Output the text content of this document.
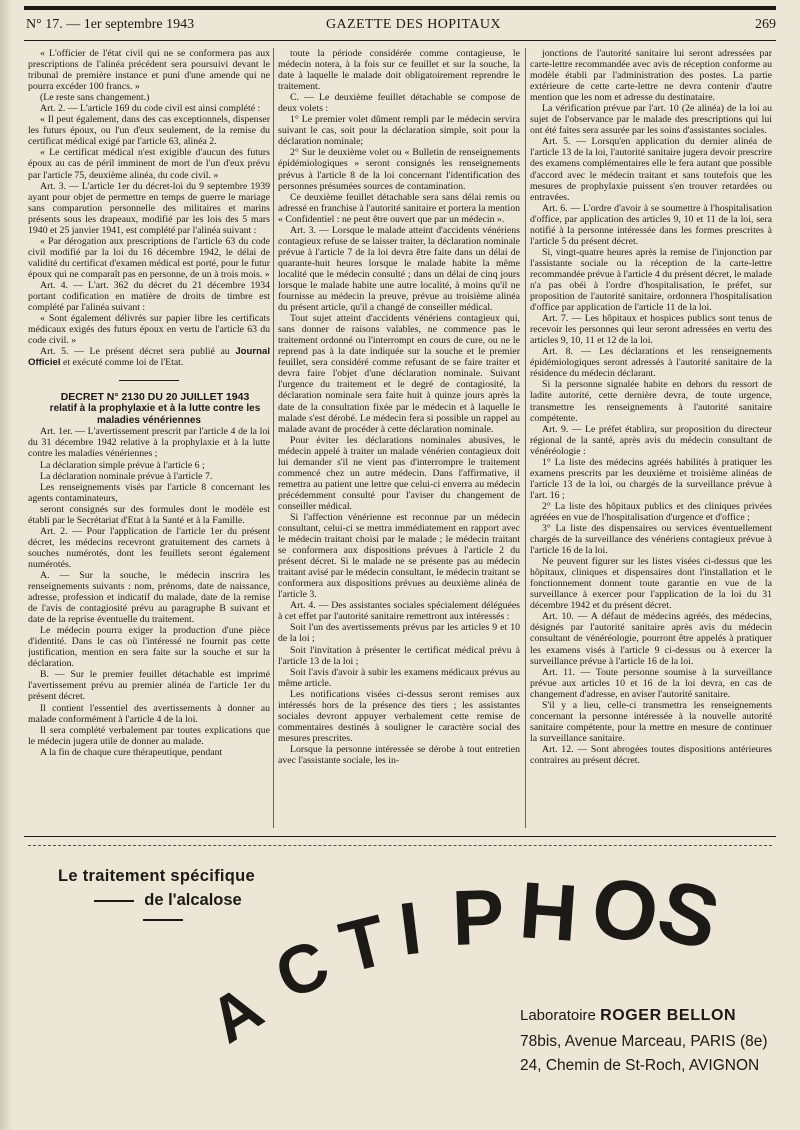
N° 17. — 1er septembre 1943	GAZETTE DES HOPITAUX	269

« L'officier de l'état civil qui ne se conformera pas aux prescriptions de l'alinéa précédent sera poursuivi devant le tribunal de première instance et puni d'une amende qui ne pourra excéder 100 francs. »

(Le reste sans changement.)

Art. 2. — L'article 169 du code civil est ainsi complété :

« Il peut également, dans des cas exceptionnels, dispenser les futurs époux, ou l'un d'eux seulement, de la remise du certificat médical exigé par l'article 63, alinéa 2.

« Le certificat médical n'est exigible d'aucun des futurs époux au cas de péril imminent de mort de l'un d'eux prévu par l'article 75, deuxième alinéa, du code civil. »

Art. 3. — L'article 1er du décret-loi du 9 septembre 1939 ayant pour objet de permettre en temps de guerre le mariage sans comparution personnelle des militaires et marins présents sous les drapeaux, modifié par les lois des 5 mars 1940 et 25 janvier 1941, est complété par l'alinéa suivant :

« Par dérogation aux prescriptions de l'article 63 du code civil modifié par la loi du 16 décembre 1942, le délai de validité du certificat d'examen médical est porté, pour le futur époux qui ne comparaît pas en personne, de un à trois mois. »

Art. 4. — L'art. 362 du décret du 21 décembre 1934 portant codification en matière de droits de timbre est complété par l'alinéa suivant :

« Sont également délivrés sur papier libre les certificats médicaux exigés des futurs époux en vertu de l'article 63 du code civil. »

Art. 5. — Le présent décret sera publié au Journal Officiel et exécuté comme loi de l'Etat.

DECRET N° 2130 DU 20 JUILLET 1943

relatif à la prophylaxie et à la lutte contre les maladies vénériennes

Art. 1er. — L'avertissement prescrit par l'article 4 de la loi du 31 décembre 1942 relative à la prophylaxie et à la lutte contre les maladies vénériennes ;

La déclaration simple prévue à l'article 6 ;

La déclaration nominale prévue à l'article 7.

Les renseignements visés par l'article 8 concernant les agents contaminateurs,

seront consignés sur des formules dont le modèle est établi par le Secrétariat d'Etat à la Santé et à la Famille.

Art. 2. — Pour l'application de l'article 1er du présent décret, les médecins recevront gratuitement des carnets à souches numérotés, dont les feuillets seront également numérotés.

A. — Sur la souche, le médecin inscrira les renseignements suivants : nom, prénoms, date de naissance, adresse, profession et indicatif du malade, date de la remise de l'avis de contagiosité prévu au paragraphe B suivant et date de la reprise éventuelle du traitement.

Le médecin pourra exiger la production d'une pièce d'identité. Dans le cas où l'intéressé ne fournit pas cette justification, mention en sera faite sur la souche et sur la déclaration.

B. — Sur le premier feuillet détachable est imprimé l'avertissement prévu au premier alinéa de l'article 1er du présent décret.

Il contient l'essentiel des avertissements à donner au malade conformément à l'article 4 de la loi.

Il sera complété verbalement par toutes explications que le médecin jugera utile de donner au malade.

A la fin de chaque cure thérapeutique, pendant

toute la période considérée comme contagieuse, le médecin notera, à la fois sur ce feuillet et sur la souche, la date à laquelle le malade doit obligatoirement reprendre le traitement.

C. — Le deuxième feuillet détachable se compose de deux volets :

1° Le premier volet dûment rempli par le médecin servira suivant le cas, soit pour la déclaration simple, soit pour la déclaration nominale;

2° Sur le deuxième volet ou « Bulletin de renseignements épidémiologiques » seront consignés les renseignements prévus à l'article 8 de la loi concernant l'identification des personnes présumées sources de contamination.

Ce deuxième feuillet détachable sera sans délai remis ou adressé en franchise à l'autorité sanitaire et portera la mention « Confidentiel : ne peut être ouvert que par un médecin ».

Art. 3. — Lorsque le malade atteint d'accidents vénériens contagieux refuse de se laisser traiter, la déclaration nominale prévue à l'article 7 de la loi devra être faite dans un délai de quarante-huit heures lorsque le malade habite la même localité que le médecin consulté ; dans un délai de cinq jours lorsque le malade habite une autre localité, à moins qu'il ne fournisse au médecin la preuve, prévue au troisième alinéa du présent article, qu'il a changé de conseiller médical.

Tout sujet atteint d'accidents vénériens contagieux qui, sans donner de raisons valables, ne commence pas le traitement ordonné ou l'interrompt en cours de cure, ou ne le reprend pas à la date indiquée sur la souche et le premier feuillet, sera considéré comme refusant de se faire traiter et devra faire l'objet d'une déclaration nominale. Suivant l'urgence du traitement et le degré de contagiosité, la déclaration nominale sera faite huit à quinze jours après la date de la consultation fixée par le médecin et à laquelle le malade s'est dérobé. Le médecin fera si possible un rappel au malade avant de procéder à cette déclaration nominale.

Pour éviter les déclarations nominales abusives, le médecin appelé à traiter un malade vénérien contagieux doit lui demander s'il ne vient pas d'interrompre le traitement commencé chez un autre médecin. Dans l'affirmative, il remettra au patient une lettre que celui-ci enverra au médecin précédemment consulté pour l'aviser du changement de conseiller médical.

Si l'affection vénérienne est reconnue par un médecin consultant, celui-ci se mettra immédiatement en rapport avec le médecin traitant choisi par le malade ; le médecin traitant se conformera aux dispositions prévues à l'article 2 du présent décret. Si le malade ne se présente pas au médecin traitant avisé par le médecin consultant, le médecin traitant se conformera aux dispositions prévues au deuxième alinéa de l'article 3.

Art. 4. — Des assistantes sociales spécialement déléguées à cet effet par l'autorité sanitaire remettront aux intéressés :

Soit l'un des avertissements prévus par les articles 9 et 10 de la loi ;

Soit l'invitation à présenter le certificat médical prévu à l'article 13 de la loi ;

Soit l'avis d'avoir à subir les examens médicaux prévus au même article.

Les notifications visées ci-dessus seront remises aux intéressés hors de la présence des tiers ; les assistantes sociales devront appuyer verbalement cette remise de commentaires destinés à souligner le caractère social des mesures prescrites.

Lorsque la personne intéressée se dérobe à tout entretien avec l'assistante sociale, les in-

jonctions de l'autorité sanitaire lui seront adressées par carte-lettre recommandée avec avis de réception conforme au modèle établi par l'administration des postes. La partie extérieure de cette carte-lettre ne devra contenir d'autre mention que les nom et adresse du destinataire.

La vérification prévue par l'art. 10 (2e alinéa) de la loi au sujet de l'observance par le malade des prescriptions qui lui ont été faites sera assurée par les soins d'assistantes sociales.

Art. 5. — Lorsqu'en application du dernier alinéa de l'article 13 de la loi, l'autorité sanitaire jugera devoir prescrire des examens complémentaires elle le fera autant que possible d'accord avec le médecin traitant et sans toutefois que les mesures de prophylaxie puissent s'en trouver retardées ou entravées.

Art. 6. — L'ordre d'avoir à se soumettre à l'hospitalisation d'office, par application des articles 9, 10 et 11 de la loi, sera notifié à la personne intéressée dans les formes prescrites à l'article 5 du présent décret.

Si, vingt-quatre heures après la remise de l'injonction par l'assistante sociale ou la réception de la carte-lettre recommandée prévue à l'article 4 du présent décret, le malade n'a pas obéi à l'ordre d'hospitalisation, le préfet, sur proposition de l'autorité sanitaire, ordonnera l'hospitalisation d'office par application de l'article 11 de la loi.

Art. 7. — Les hôpitaux et hospices publics sont tenus de recevoir les personnes qui leur seront adressées en vertu des articles 9, 10, 11 et 12 de la loi.

Art. 8. — Les déclarations et les renseignements épidémiologiques seront adressés à l'autorité sanitaire de la résidence du médecin déclarant.

Si la personne signalée habite en dehors du ressort de ladite autorité, cette dernière devra, de toute urgence, transmettre les renseignements à l'autorité sanitaire compétente.

Art. 9. — Le préfet établira, sur proposition du directeur régional de la santé, après avis du médecin consultant de vénéréologie :

1° La liste des médecins agréés habilités à pratiquer les examens prescrits par les deuxième et troisième alinéas de l'article 13 de la loi, ou chargés de la surveillance prévue à l'art. 16 ;

2° La liste des hôpitaux publics et des cliniques privées agréées en vue de l'hospitalisation d'urgence et d'office ;

3° La liste des dispensaires ou services éventuellement chargés de la surveillance des vénériens contagieux prévue à l'article 16 de la loi.

Ne peuvent figurer sur les listes visées ci-dessus que les hôpitaux, cliniques et dispensaires dont l'installation et le fonctionnement donnent toute garantie en vue de la surveillance à exercer pour l'application de la loi du 31 décembre 1942 et du présent décret.

Art. 10. — A défaut de médecins agréés, des médecins, désignés par l'autorité sanitaire après avis du médecin consultant de vénéréologie, pourront être appelés à pratiquer les examens visés à l'article 9 ci-dessus ou à exercer la surveillance prévue à l'article 16 de la loi.

Art. 11. — Toute personne soumise à la surveillance prévue aux articles 10 et 16 de la loi devra, en cas de changement d'adresse, en aviser l'autorité sanitaire.

S'il y a lieu, celle-ci transmettra les renseignements concernant la personne intéressée à la nouvelle autorité sanitaire compétente, pour la mettre en mesure de continuer la surveillance sanitaire.

Art. 12. — Sont abrogées toutes dispositions antérieures contraires au présent décret.

Le traitement spécifique
de l'alcalose
A
C
T I P H O
S
Laboratoire ROGER BELLON
78bis, Avenue Marceau, PARIS (8e)
24, Chemin de St-Roch, AVIGNON
